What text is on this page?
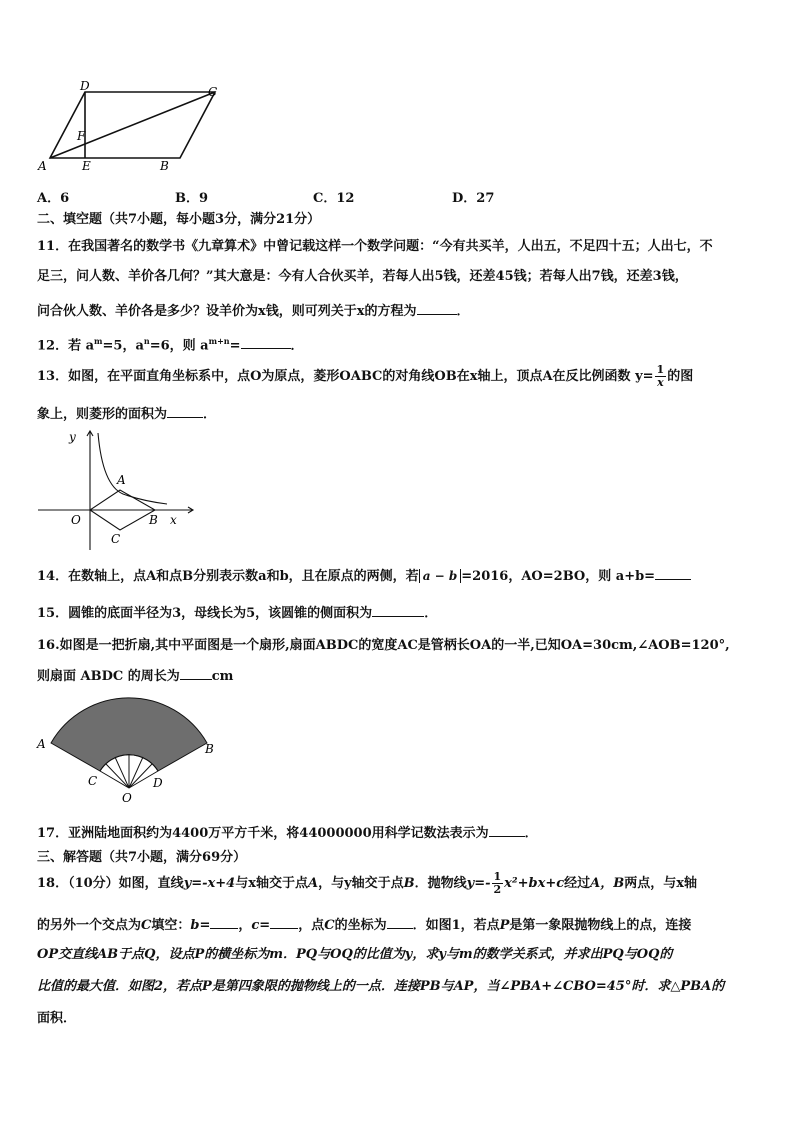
D	C
F
A	E	B
A．6	B．9	C．12	D．27
二、填空题（共7小题，每小题3分，满分21分）
11．在我国著名的数学书《九章算术》中曾记载这样一个数学问题：“今有共买羊，人出五，不足四十五；人出七，不
足三，问人数、羊价各几何？”其大意是：今有人合伙买羊，若每人出5钱，还差45钱；若每人出7钱，还差3钱，
问合伙人数、羊价各是多少？设羊价为x钱，则可列关于x的方程为	．
12．若 $a^m=5$，$a^n=6$，则 $a^{m+n}=$	．
13．如图，在平面直角坐标系中，点O为原点，菱形OABC的对角线OB在x轴上，顶点A在反比例函数 $y= \frac{1}{x}$ 的图
象上，则菱形的面积为	．
y
A
O	B x
C
14．在数轴上，点A和点B分别表示数a和b，且在原点的两侧，若 a − b =2016，AO=2BO，则 a+b=
15．圆锥的底面半径为3，母线长为5，该圆锥的侧面积为	．
16.如图是一把折扇,其中平面图是一个扇形,扇面ABDC的宽度AC是管柄长OA的一半,已知OA=30cm,∠AOB=120°,
则扇面 ABDC 的周长为 cm
A	B
C	D
O
17．亚洲陆地面积约为4400万平方千米，将44000000用科学记数法表示为	．
三、解答题（共7小题，满分69分）
18．（10分）如图，直线y=-x+4与x轴交于点A，与y轴交于点B．抛物线$y=- \frac{1}{2} x^2+bx+c$经过A，B两点，与x轴
的另外一个交点为C填空：b= ，c= ，点C的坐标为 ．如图1，若点P是第一象限抛物线上的点，连接
OP交直线AB于点Q，设点P的横坐标为m．PQ与OQ的比值为y，求y与m的数学关系式，并求出PQ与OQ的
比值的最大值．如图2，若点P是第四象限的抛物线上的一点．连接PB与AP，当∠PBA+∠CBO=45°时．求△PBA的
面积．
